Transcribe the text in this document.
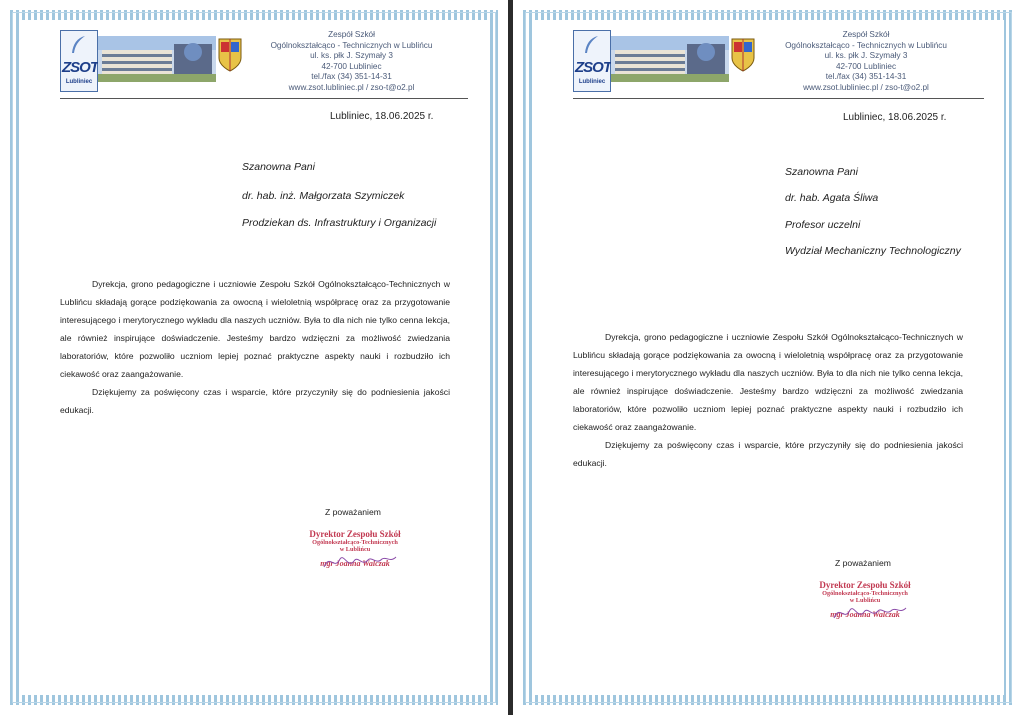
ZSOT
Lubliniec
Zespół Szkół
Ogólnokształcąco - Technicznych w Lublińcu
ul. ks. płk J. Szymały 3
42-700 Lubliniec
tel./fax (34) 351-14-31
www.zsot.lubliniec.pl / zso-t@o2.pl
Lubliniec, 18.06.2025 r.
Szanowna Pani
dr. hab. inż. Małgorzata Szymiczek
Prodziekan ds. Infrastruktury i Organizacji

Dyrekcja, grono pedagogiczne i uczniowie Zespołu Szkół Ogólnokształcąco-Technicznych w Lublińcu składają gorące podziękowania za owocną i wieloletnią współpracę oraz za przygotowanie interesującego i merytorycznego wykładu dla naszych uczniów. Była to dla nich nie tylko cenna lekcja, ale również inspirujące doświadczenie. Jesteśmy bardzo wdzięczni za możliwość zwiedzania laboratoriów, które pozwoliło uczniom lepiej poznać praktyczne aspekty nauki i rozbudziło ich ciekawość oraz zaangażowanie.

Dziękujemy za poświęcony czas i wsparcie, które przyczyniły się do podniesienia jakości edukacji.

Z poważaniem
Dyrektor Zespołu Szkół
Ogólnokształcąco-Technicznych
w Lublińcu
mgr Joanna Walczak
ZSOT
Lubliniec
Zespół Szkół
Ogólnokształcąco - Technicznych w Lublińcu
ul. ks. płk J. Szymały 3
42-700 Lubliniec
tel./fax (34) 351-14-31
www.zsot.lubliniec.pl / zso-t@o2.pl
Lubliniec, 18.06.2025 r.
Szanowna Pani
dr. hab. Agata Śliwa
Profesor uczelni
Wydział Mechaniczny Technologiczny

Dyrekcja, grono pedagogiczne i uczniowie Zespołu Szkół Ogólnokształcąco-Technicznych w Lublińcu składają gorące podziękowania za owocną i wieloletnią współpracę oraz za przygotowanie interesującego i merytorycznego wykładu dla naszych uczniów. Była to dla nich nie tylko cenna lekcja, ale również inspirujące doświadczenie. Jesteśmy bardzo wdzięczni za możliwość zwiedzania laboratoriów, które pozwoliło uczniom lepiej poznać praktyczne aspekty nauki i rozbudziło ich ciekawość oraz zaangażowanie.

Dziękujemy za poświęcony czas i wsparcie, które przyczyniły się do podniesienia jakości edukacji.

Z poważaniem
Dyrektor Zespołu Szkół
Ogólnokształcąco-Technicznych
w Lublińcu
mgr Joanna Walczak
